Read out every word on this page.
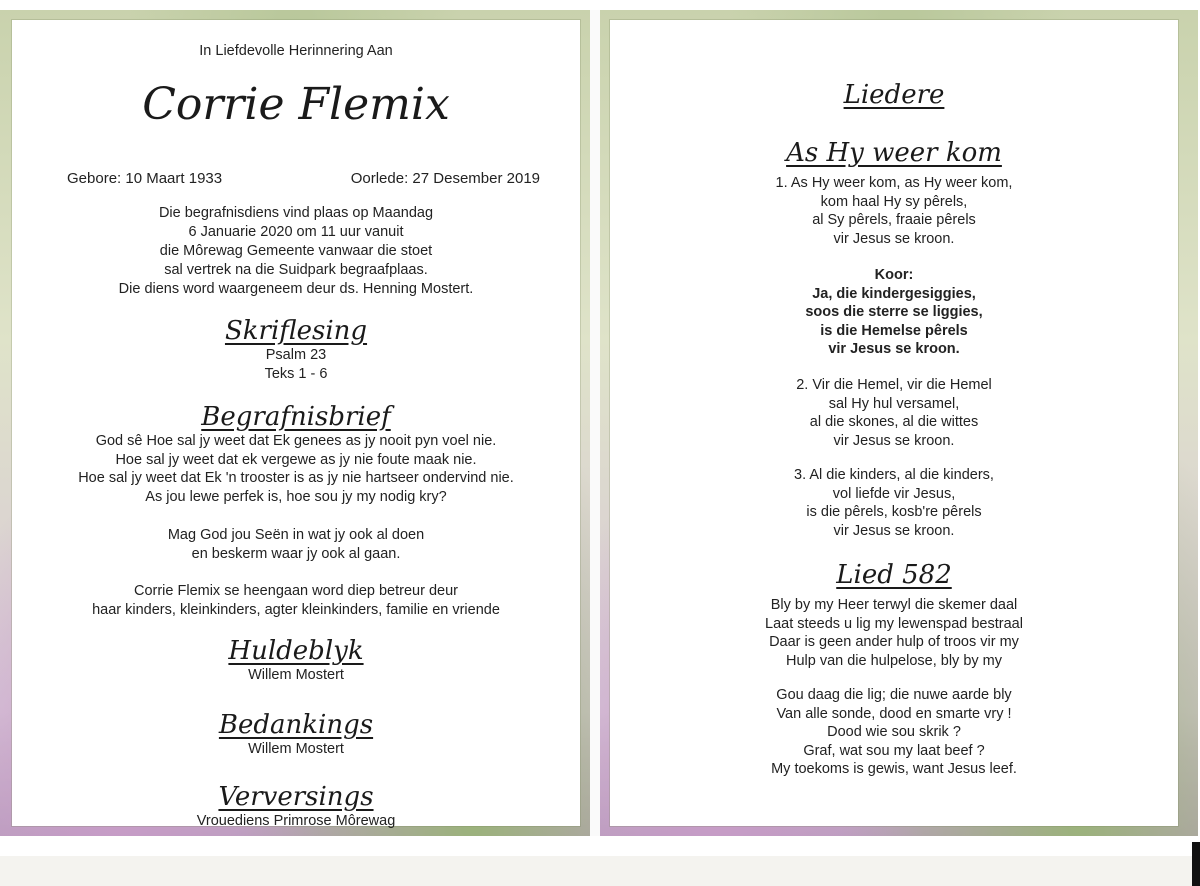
In Liefdevolle Herinnering Aan
Corrie Flemix
Gebore: 10 Maart 1933	Oorlede: 27 Desember 2019
Die begrafnisdiens vind plaas op Maandag
6 Januarie 2020 om 11 uur vanuit
die Môrewag Gemeente vanwaar die stoet
sal vertrek na die Suidpark begraafplaas.
Die diens word waargeneem deur ds. Henning Mostert.
Skriflesing
Psalm 23
Teks 1 - 6
Begrafnisbrief
God sê Hoe sal jy weet dat Ek genees as jy nooit pyn voel nie.
Hoe sal jy weet dat ek vergewe as jy nie foute maak nie.
Hoe sal jy weet dat Ek 'n trooster is as jy nie hartseer ondervind nie.
As jou lewe perfek is, hoe sou jy my nodig kry?
Mag God jou Seën in wat jy ook al doen
en beskerm waar jy ook al gaan.
Corrie Flemix se heengaan word diep betreur deur
haar kinders, kleinkinders, agter kleinkinders, familie en vriende
Huldeblyk
Willem Mostert
Bedankings
Willem Mostert
Verversings
Vrouediens Primrose Môrewag
Liedere
As Hy weer kom
1. As Hy weer kom, as Hy weer kom,
kom haal Hy sy pêrels,
al Sy pêrels, fraaie pêrels
vir Jesus se kroon.
Koor:
Ja, die kindergesiggies,
soos die sterre se liggies,
is die Hemelse pêrels
vir Jesus se kroon.
2. Vir die Hemel, vir die Hemel
sal Hy hul versamel,
al die skones, al die wittes
vir Jesus se kroon.
3. Al die kinders, al die kinders,
vol liefde vir Jesus,
is die pêrels, kosb're pêrels
vir Jesus se kroon.
Lied 582
Bly by my Heer terwyl die skemer daal
Laat steeds u lig my lewenspad bestraal
Daar is geen ander hulp of troos vir my
Hulp van die hulpelose, bly by my
Gou daag die lig; die nuwe aarde bly
Van alle sonde, dood en smarte vry !
Dood wie sou skrik ?
Graf, wat sou my laat beef ?
My toekoms is gewis, want Jesus leef.
